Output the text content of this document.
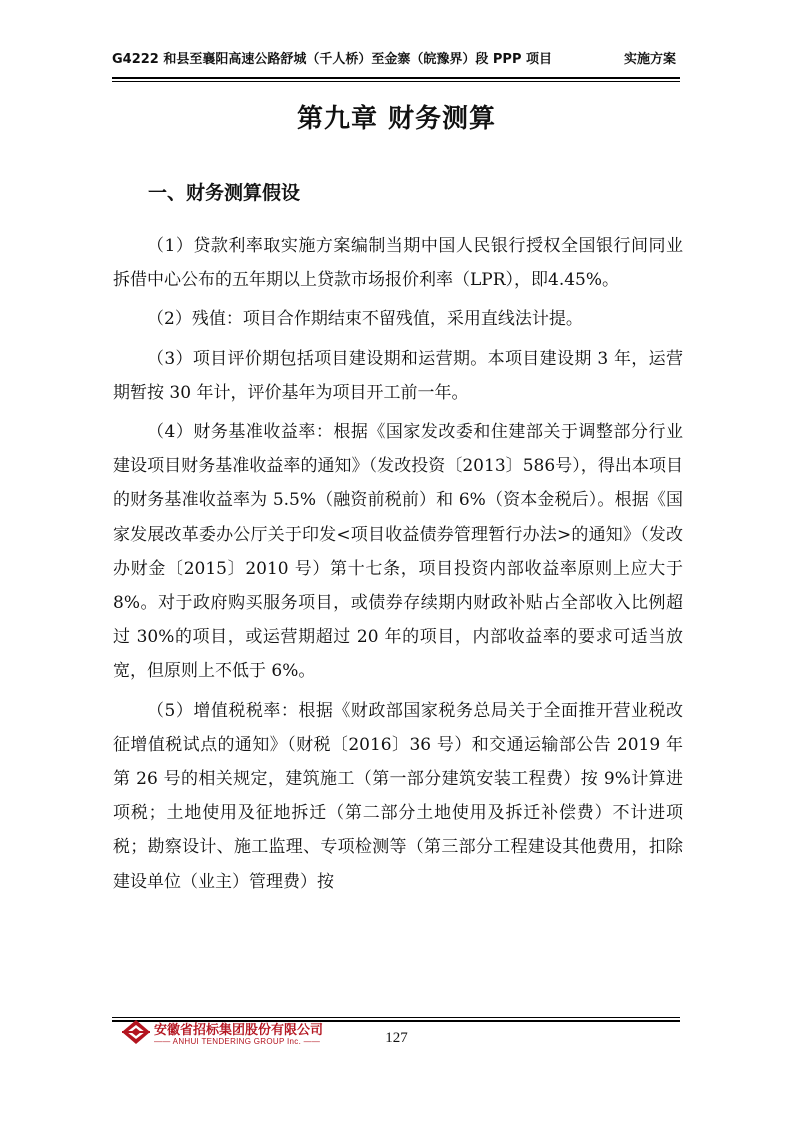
G4222 和县至襄阳高速公路舒城（千人桥）至金寨（皖豫界）段 PPP 项目	实施方案
第九章 财务测算
一、财务测算假设

（1）贷款利率取实施方案编制当期中国人民银行授权全国银行间同业拆借中心公布的五年期以上贷款市场报价利率（LPR），即4.45%。

（2）残值：项目合作期结束不留残值，采用直线法计提。

（3）项目评价期包括项目建设期和运营期。本项目建设期 3 年，运营期暂按 30 年计，评价基年为项目开工前一年。

（4）财务基准收益率：根据《国家发改委和住建部关于调整部分行业建设项目财务基准收益率的通知》（发改投资〔2013〕586号），得出本项目的财务基准收益率为 5.5%（融资前税前）和 6%（资本金税后）。根据《国家发展改革委办公厅关于印发<项目收益债券管理暂行办法>的通知》（发改办财金〔2015〕2010 号）第十七条，项目投资内部收益率原则上应大于 8%。对于政府购买服务项目，或债券存续期内财政补贴占全部收入比例超过 30%的项目，或运营期超过 20 年的项目，内部收益率的要求可适当放宽，但原则上不低于 6%。

（5）增值税税率：根据《财政部国家税务总局关于全面推开营业税改征增值税试点的通知》（财税〔2016〕36 号）和交通运输部公告 2019 年第 26 号的相关规定，建筑施工（第一部分建筑安装工程费）按 9%计算进项税；土地使用及征地拆迁（第二部分土地使用及拆迁补偿费）不计进项税；勘察设计、施工监理、专项检测等（第三部分工程建设其他费用，扣除建设单位（业主）管理费）按

安徽省招标集团股份有限公司
—— ANHUI TENDERING GROUP Inc. ——	127
